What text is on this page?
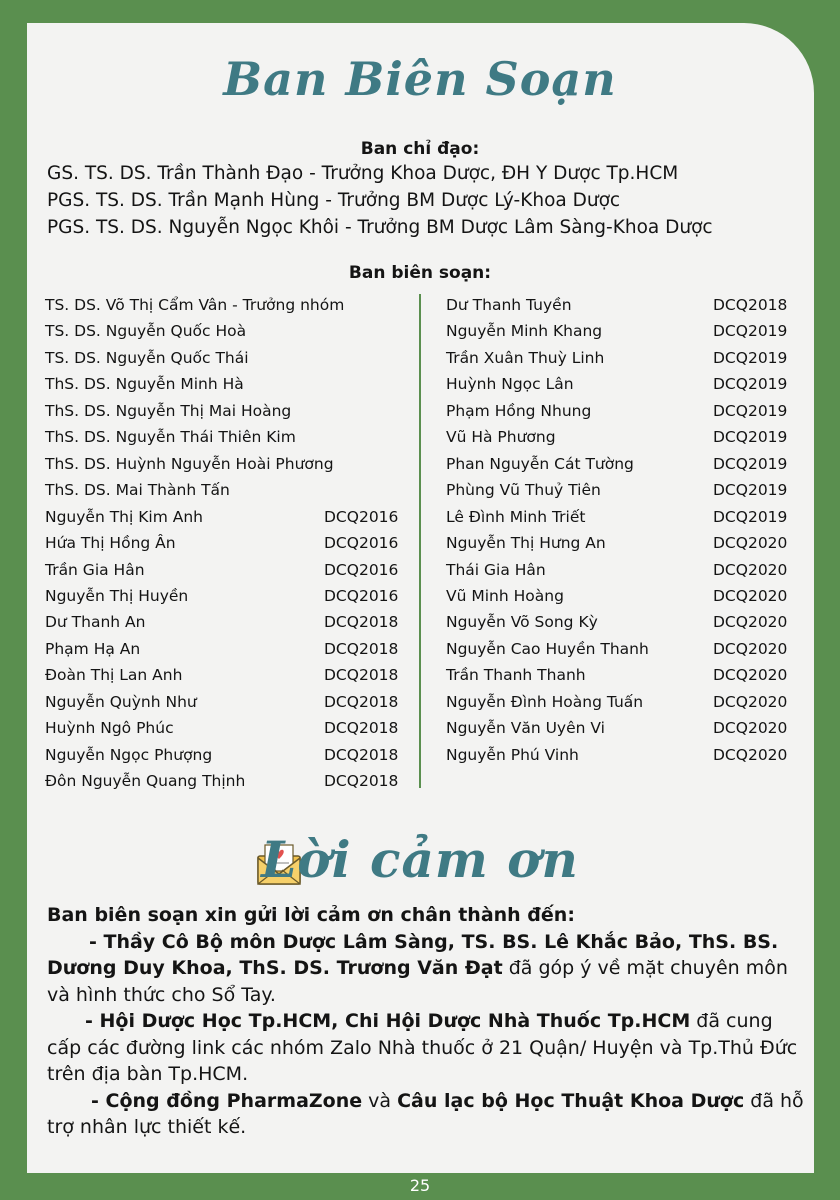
Ban Biên Soạn
Ban chỉ đạo:
GS. TS. DS. Trần Thành Đạo - Trưởng Khoa Dược, ĐH Y Dược Tp.HCM
PGS. TS. DS. Trần Mạnh Hùng - Trưởng BM Dược Lý-Khoa Dược
PGS. TS. DS. Nguyễn Ngọc Khôi - Trưởng BM Dược Lâm Sàng-Khoa Dược
Ban biên soạn:
TS. DS. Võ Thị Cẩm Vân - Trưởng nhóm
TS. DS. Nguyễn Quốc Hoà
TS. DS. Nguyễn Quốc Thái
ThS. DS. Nguyễn Minh Hà
ThS. DS. Nguyễn Thị Mai Hoàng
ThS. DS. Nguyễn Thái Thiên Kim
ThS. DS. Huỳnh Nguyễn Hoài Phương
ThS. DS. Mai Thành Tấn
Nguyễn Thị Kim Anh	DCQ2016
Hứa Thị Hồng Ân	DCQ2016
Trần Gia Hân	DCQ2016
Nguyễn Thị Huyền	DCQ2016
Dư Thanh An	DCQ2018
Phạm Hạ An	DCQ2018
Đoàn Thị Lan Anh	DCQ2018
Nguyễn Quỳnh Như	DCQ2018
Huỳnh Ngô Phúc	DCQ2018
Nguyễn Ngọc Phượng	DCQ2018
Đôn Nguyễn Quang Thịnh	DCQ2018
Dư Thanh Tuyền	DCQ2018
Nguyễn Minh Khang	DCQ2019
Trần Xuân Thuỳ Linh	DCQ2019
Huỳnh Ngọc Lân	DCQ2019
Phạm Hồng Nhung	DCQ2019
Vũ Hà Phương	DCQ2019
Phan Nguyễn Cát Tường	DCQ2019
Phùng Vũ Thuỷ Tiên	DCQ2019
Lê Đình Minh Triết	DCQ2019
Nguyễn Thị Hưng An	DCQ2020
Thái Gia Hân	DCQ2020
Vũ Minh Hoàng	DCQ2020
Nguyễn Võ Song Kỳ	DCQ2020
Nguyễn Cao Huyền Thanh	DCQ2020
Trần Thanh Thanh	DCQ2020
Nguyễn Đình Hoàng Tuấn	DCQ2020
Nguyễn Văn Uyên Vi	DCQ2020
Nguyễn Phú Vinh	DCQ2020
Lời cảm ơn

Ban biên soạn xin gửi lời cảm ơn chân thành đến:

- Thầy Cô Bộ môn Dược Lâm Sàng, TS. BS. Lê Khắc Bảo, ThS. BS. Dương Duy Khoa, ThS. DS. Trương Văn Đạt đã góp ý về mặt chuyên môn và hình thức cho Sổ Tay.

- Hội Dược Học Tp.HCM, Chi Hội Dược Nhà Thuốc Tp.HCM đã cung cấp các đường link các nhóm Zalo Nhà thuốc ở 21 Quận/ Huyện và Tp.Thủ Đức trên địa bàn Tp.HCM.

- Cộng đồng PharmaZone và Câu lạc bộ Học Thuật Khoa Dược đã hỗ trợ nhân lực thiết kế.

25
